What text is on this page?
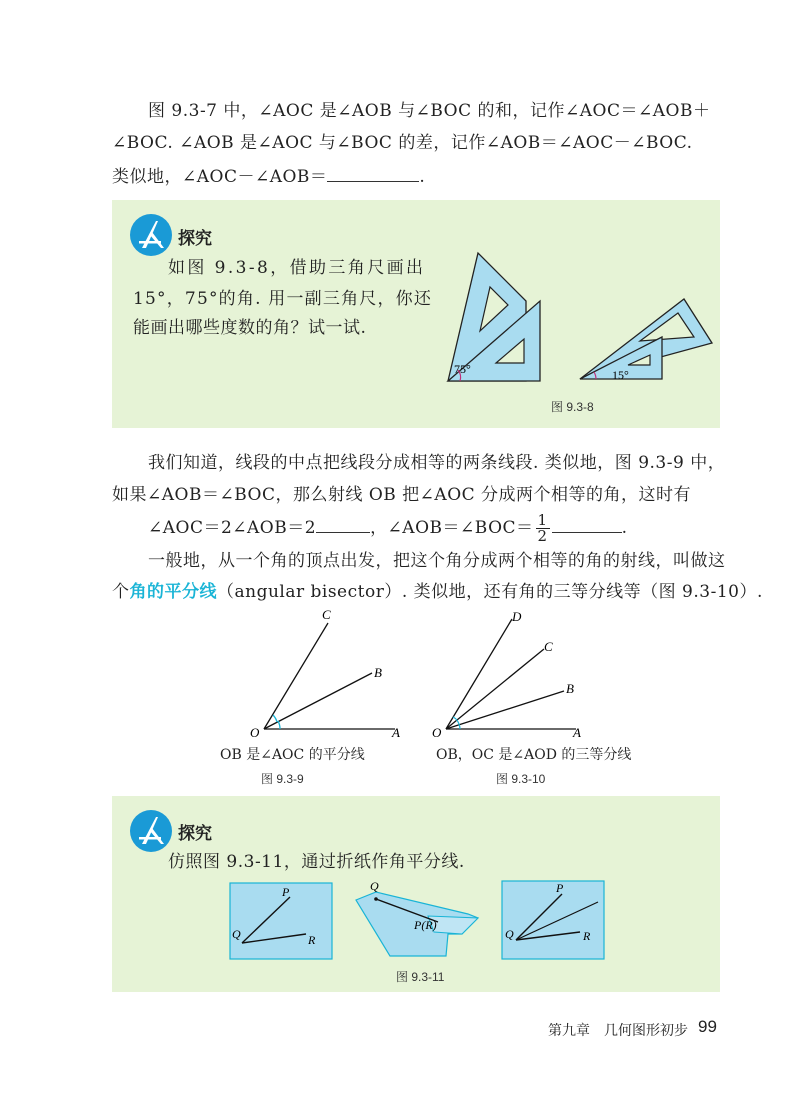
图 9.3-7 中，∠AOC 是∠AOB 与∠BOC 的和，记作∠AOC＝∠AOB＋
∠BOC. ∠AOB 是∠AOC 与∠BOC 的差，记作∠AOB＝∠AOC－∠BOC.
类似地，∠AOC－∠AOB＝	.
探究
如图 9.3-8，借助三角尺画出
15°，75°的角. 用一副三角尺，你还
能画出哪些度数的角？试一试.
75°	15°
图 9.3-8
我们知道，线段的中点把线段分成相等的两条线段. 类似地，图 9.3-9 中，
如果∠AOB＝∠BOC，那么射线 OB 把∠AOC 分成两个相等的角，这时有
∠AOC＝2∠AOB＝2	，∠AOB＝∠BOC＝ $\frac{1}{2}$	.
一般地，从一个角的顶点出发，把这个角分成两个相等的角的射线，叫做这
个角的平分线（angular bisector）. 类似地，还有角的三等分线等（图 9.3-10）.
C
B
O	A
OB 是∠AOC 的平分线
图 9.3-9
D
C
B
O	A
OB，OC 是∠AOD 的三等分线
图 9.3-10
探究
仿照图 9.3-11，通过折纸作角平分线.
P
Q	R
Q
P(R)
P
Q	R
图 9.3-11
第九章　几何图形初步 99
